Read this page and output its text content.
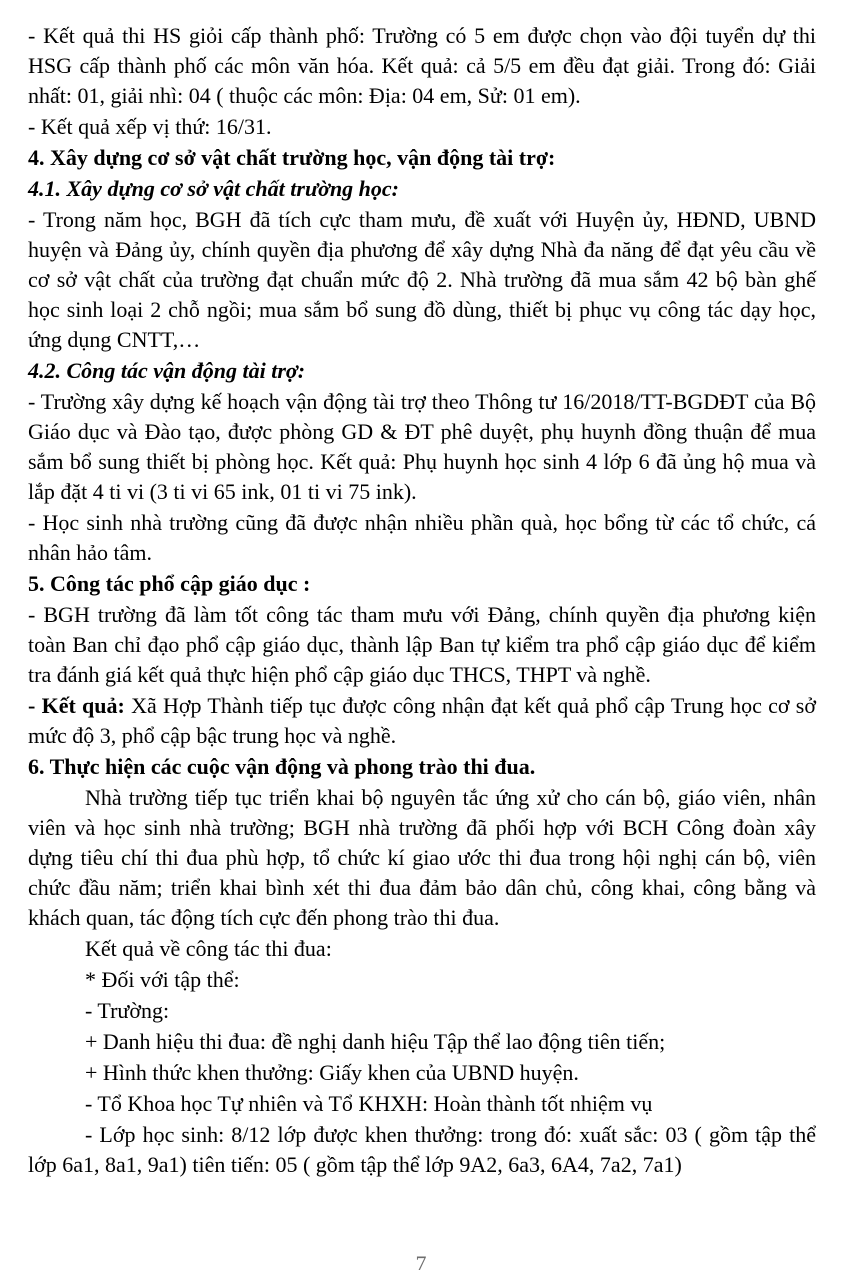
- Kết quả thi HS giỏi cấp thành phố: Trường có 5 em được chọn vào đội tuyển dự thi HSG cấp thành phố các môn văn hóa. Kết quả: cả 5/5 em đều đạt giải. Trong đó: Giải nhất: 01, giải nhì: 04 ( thuộc các môn: Địa: 04 em, Sử: 01 em).

- Kết quả xếp vị thứ: 16/31.

4. Xây dựng cơ sở vật chất trường học, vận động tài trợ:

4.1. Xây dựng cơ sở vật chất trường học:

- Trong năm học, BGH đã tích cực tham mưu, đề xuất với Huyện ủy, HĐND, UBND huyện và Đảng ủy, chính quyền địa phương để xây dựng Nhà đa năng để đạt yêu cầu về cơ sở vật chất của trường đạt chuẩn mức độ 2. Nhà trường đã mua sắm 42 bộ bàn ghế học sinh loại 2 chỗ ngồi; mua sắm bổ sung đồ dùng, thiết bị phục vụ công tác dạy học, ứng dụng CNTT,…

4.2. Công tác vận động tài trợ:

- Trường xây dựng kế hoạch vận động tài trợ theo Thông tư 16/2018/TT-BGDĐT của Bộ Giáo dục và Đào tạo, được phòng GD & ĐT phê duyệt, phụ huynh đồng thuận để mua sắm bổ sung thiết bị phòng học. Kết quả: Phụ huynh học sinh 4 lớp 6 đã ủng hộ mua và lắp đặt 4 ti vi (3 ti vi 65 ink, 01 ti vi 75 ink).

- Học sinh nhà trường cũng đã được nhận nhiều phần quà, học bổng từ các tổ chức, cá nhân hảo tâm.

5. Công tác phổ cập giáo dục :

- BGH trường đã làm tốt công tác tham mưu với Đảng, chính quyền địa phương kiện toàn Ban chỉ đạo phổ cập giáo dục, thành lập Ban tự kiểm tra phổ cập giáo dục để kiểm tra đánh giá kết quả thực hiện phổ cập giáo dục THCS, THPT và nghề.

- Kết quả: Xã Hợp Thành tiếp tục được công nhận đạt kết quả phổ cập Trung học cơ sở mức độ 3, phổ cập bậc trung học và nghề.

6. Thực hiện các cuộc vận động và phong trào thi đua.

Nhà trường tiếp tục triển khai bộ nguyên tắc ứng xử cho cán bộ, giáo viên, nhân viên và học sinh nhà trường; BGH nhà trường đã phối hợp với BCH Công đoàn xây dựng tiêu chí thi đua phù hợp, tổ chức kí giao ước thi đua trong hội nghị cán bộ, viên chức đầu năm; triển khai bình xét thi đua đảm bảo dân chủ, công khai, công bằng và khách quan, tác động tích cực đến phong trào thi đua.

Kết quả về công tác thi đua:

* Đối với tập thể:

- Trường:

+ Danh hiệu thi đua: đề nghị danh hiệu Tập thể lao động tiên tiến;

+ Hình thức khen thưởng: Giấy khen của UBND huyện.

- Tổ Khoa học Tự nhiên và Tổ KHXH: Hoàn thành tốt nhiệm vụ

- Lớp học sinh: 8/12 lớp được khen thưởng: trong đó: xuất sắc: 03 ( gồm tập thể lớp 6a1, 8a1, 9a1) tiên tiến: 05 ( gồm tập thể lớp 9A2, 6a3, 6A4, 7a2, 7a1)

7
